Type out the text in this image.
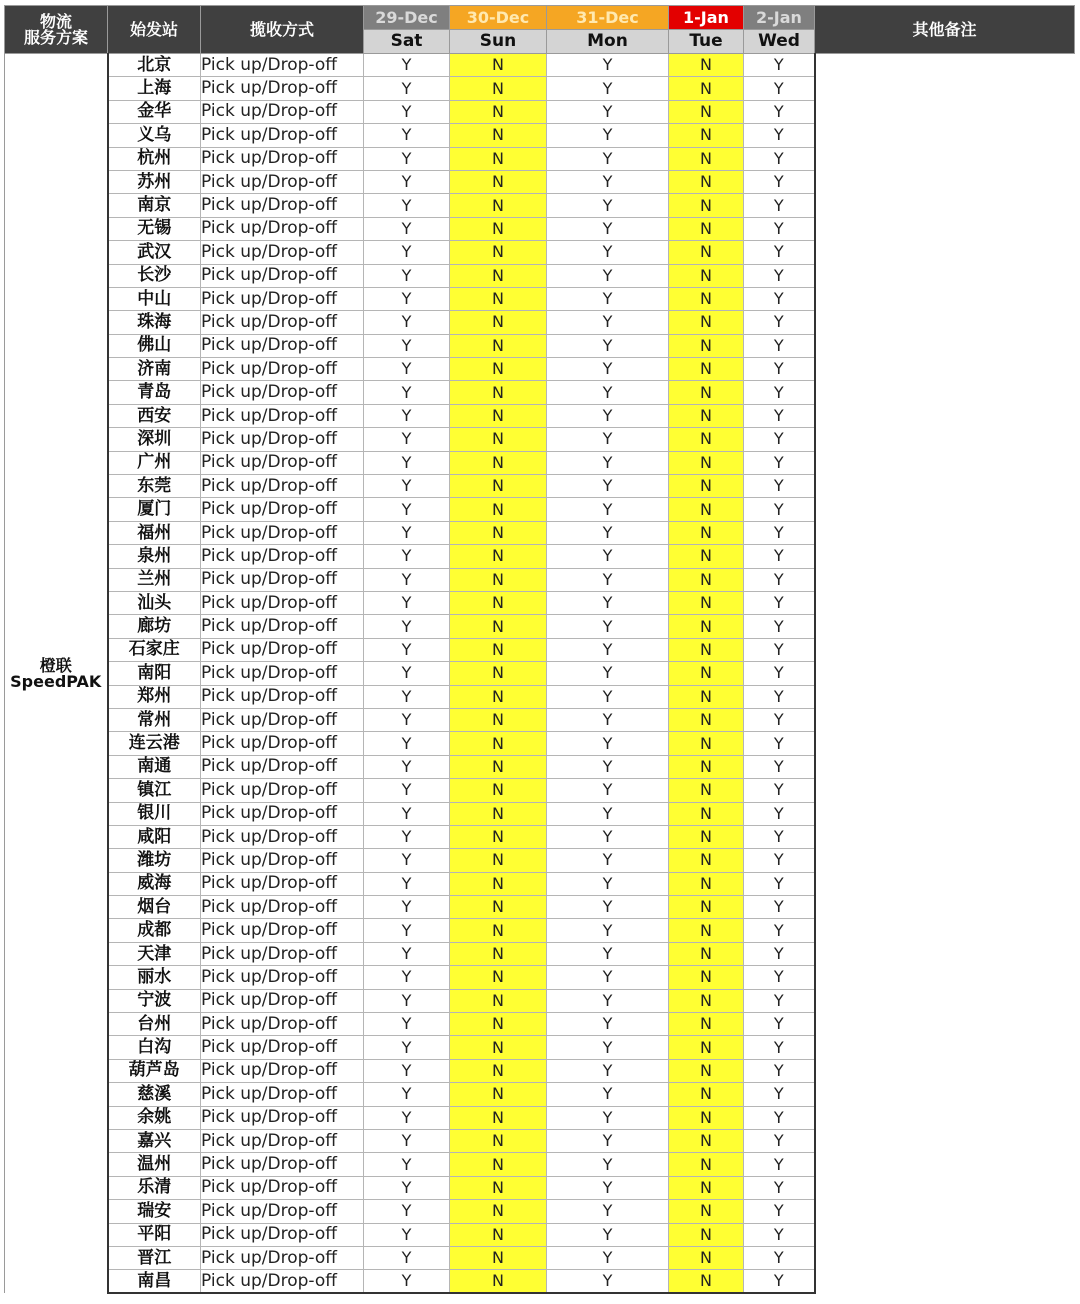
物流
服务方案	始发站	揽收方式	29-Dec	30-Dec	31-Dec	1-Jan	2-Jan	其他备注
			Sat	Sun	Mon	Tue	Wed	
橙联
SpeedPAK	北京	Pick up/Drop-off	Y	N	Y	N	Y	
	上海	Pick up/Drop-off	Y	N	Y	N	Y	
	金华	Pick up/Drop-off	Y	N	Y	N	Y	
	义乌	Pick up/Drop-off	Y	N	Y	N	Y	
	杭州	Pick up/Drop-off	Y	N	Y	N	Y	
	苏州	Pick up/Drop-off	Y	N	Y	N	Y	
	南京	Pick up/Drop-off	Y	N	Y	N	Y	
	无锡	Pick up/Drop-off	Y	N	Y	N	Y	
	武汉	Pick up/Drop-off	Y	N	Y	N	Y	
	长沙	Pick up/Drop-off	Y	N	Y	N	Y	
	中山	Pick up/Drop-off	Y	N	Y	N	Y	
	珠海	Pick up/Drop-off	Y	N	Y	N	Y	
	佛山	Pick up/Drop-off	Y	N	Y	N	Y	
	济南	Pick up/Drop-off	Y	N	Y	N	Y	
	青岛	Pick up/Drop-off	Y	N	Y	N	Y	
	西安	Pick up/Drop-off	Y	N	Y	N	Y	
	深圳	Pick up/Drop-off	Y	N	Y	N	Y	
	广州	Pick up/Drop-off	Y	N	Y	N	Y	
	东莞	Pick up/Drop-off	Y	N	Y	N	Y	
	厦门	Pick up/Drop-off	Y	N	Y	N	Y	
	福州	Pick up/Drop-off	Y	N	Y	N	Y	
	泉州	Pick up/Drop-off	Y	N	Y	N	Y	
	兰州	Pick up/Drop-off	Y	N	Y	N	Y	
	汕头	Pick up/Drop-off	Y	N	Y	N	Y	
	廊坊	Pick up/Drop-off	Y	N	Y	N	Y	
	石家庄	Pick up/Drop-off	Y	N	Y	N	Y	
	南阳	Pick up/Drop-off	Y	N	Y	N	Y	
	郑州	Pick up/Drop-off	Y	N	Y	N	Y	
	常州	Pick up/Drop-off	Y	N	Y	N	Y	
	连云港	Pick up/Drop-off	Y	N	Y	N	Y	
	南通	Pick up/Drop-off	Y	N	Y	N	Y	
	镇江	Pick up/Drop-off	Y	N	Y	N	Y	
	银川	Pick up/Drop-off	Y	N	Y	N	Y	
	咸阳	Pick up/Drop-off	Y	N	Y	N	Y	
	潍坊	Pick up/Drop-off	Y	N	Y	N	Y	
	威海	Pick up/Drop-off	Y	N	Y	N	Y	
	烟台	Pick up/Drop-off	Y	N	Y	N	Y	
	成都	Pick up/Drop-off	Y	N	Y	N	Y	
	天津	Pick up/Drop-off	Y	N	Y	N	Y	
	丽水	Pick up/Drop-off	Y	N	Y	N	Y	
	宁波	Pick up/Drop-off	Y	N	Y	N	Y	
	台州	Pick up/Drop-off	Y	N	Y	N	Y	
	白沟	Pick up/Drop-off	Y	N	Y	N	Y	
	葫芦岛	Pick up/Drop-off	Y	N	Y	N	Y	
	慈溪	Pick up/Drop-off	Y	N	Y	N	Y	
	余姚	Pick up/Drop-off	Y	N	Y	N	Y	
	嘉兴	Pick up/Drop-off	Y	N	Y	N	Y	
	温州	Pick up/Drop-off	Y	N	Y	N	Y	
	乐清	Pick up/Drop-off	Y	N	Y	N	Y	
	瑞安	Pick up/Drop-off	Y	N	Y	N	Y	
	平阳	Pick up/Drop-off	Y	N	Y	N	Y	
	晋江	Pick up/Drop-off	Y	N	Y	N	Y	
	南昌	Pick up/Drop-off	Y	N	Y	N	Y	
